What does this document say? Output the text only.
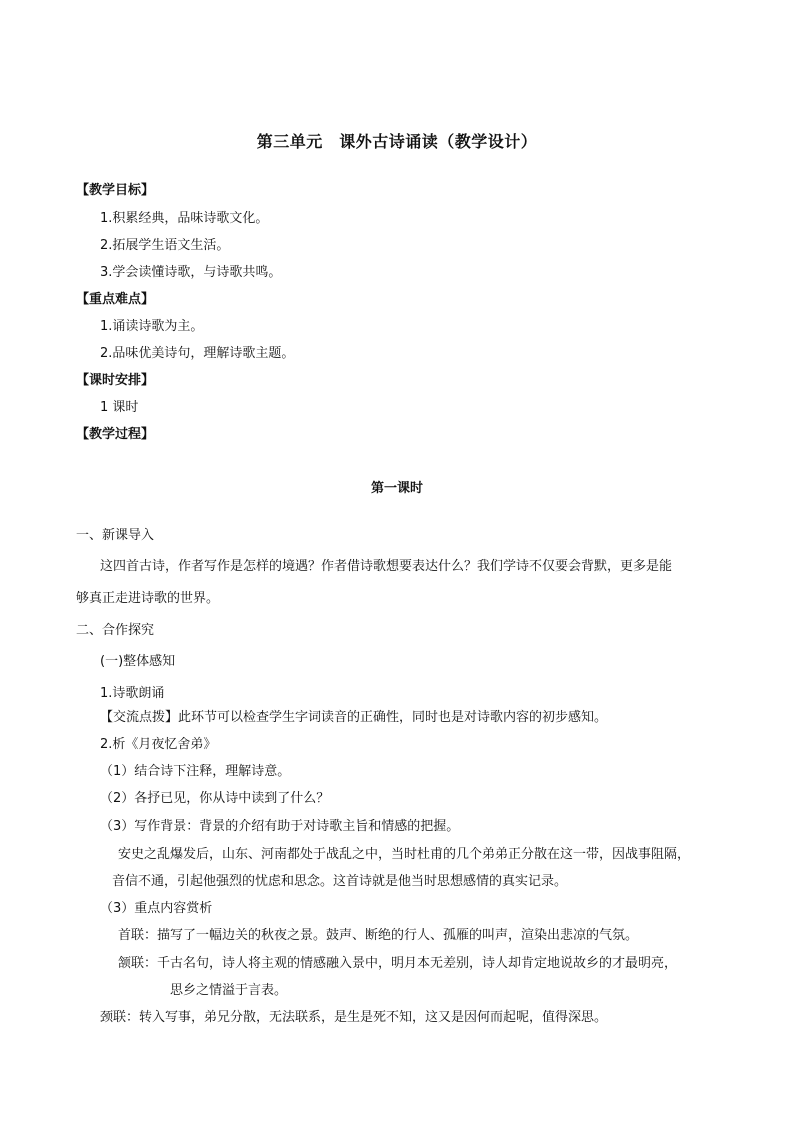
第三单元　课外古诗诵读（教学设计）
【教学目标】
1.积累经典，品味诗歌文化。
2.拓展学生语文生活。
3.学会读懂诗歌，与诗歌共鸣。
【重点难点】
1.诵读诗歌为主。
2.品味优美诗句，理解诗歌主题。
【课时安排】
1 课时
【教学过程】
第一课时
一、新课导入
这四首古诗，作者写作是怎样的境遇？作者借诗歌想要表达什么？我们学诗不仅要会背默，更多是能
够真正走进诗歌的世界。
二、合作探究
(一)整体感知
1.诗歌朗诵
【交流点拨】此环节可以检查学生字词读音的正确性，同时也是对诗歌内容的初步感知。
2.析《月夜忆舍弟》
（1）结合诗下注释，理解诗意。
（2）各抒已见，你从诗中读到了什么？
（3）写作背景：背景的介绍有助于对诗歌主旨和情感的把握。
安史之乱爆发后，山东、河南都处于战乱之中，当时杜甫的几个弟弟正分散在这一带，因战事阻隔，
音信不通，引起他强烈的忧虑和思念。这首诗就是他当时思想感情的真实记录。
（3）重点内容赏析
首联：描写了一幅边关的秋夜之景。鼓声、断绝的行人、孤雁的叫声，渲染出悲凉的气氛。
颔联：千古名句，诗人将主观的情感融入景中，明月本无差别，诗人却肯定地说故乡的才最明亮，
思乡之情溢于言表。
颈联：转入写事，弟兄分散，无法联系，是生是死不知，这又是因何而起呢，值得深思。
